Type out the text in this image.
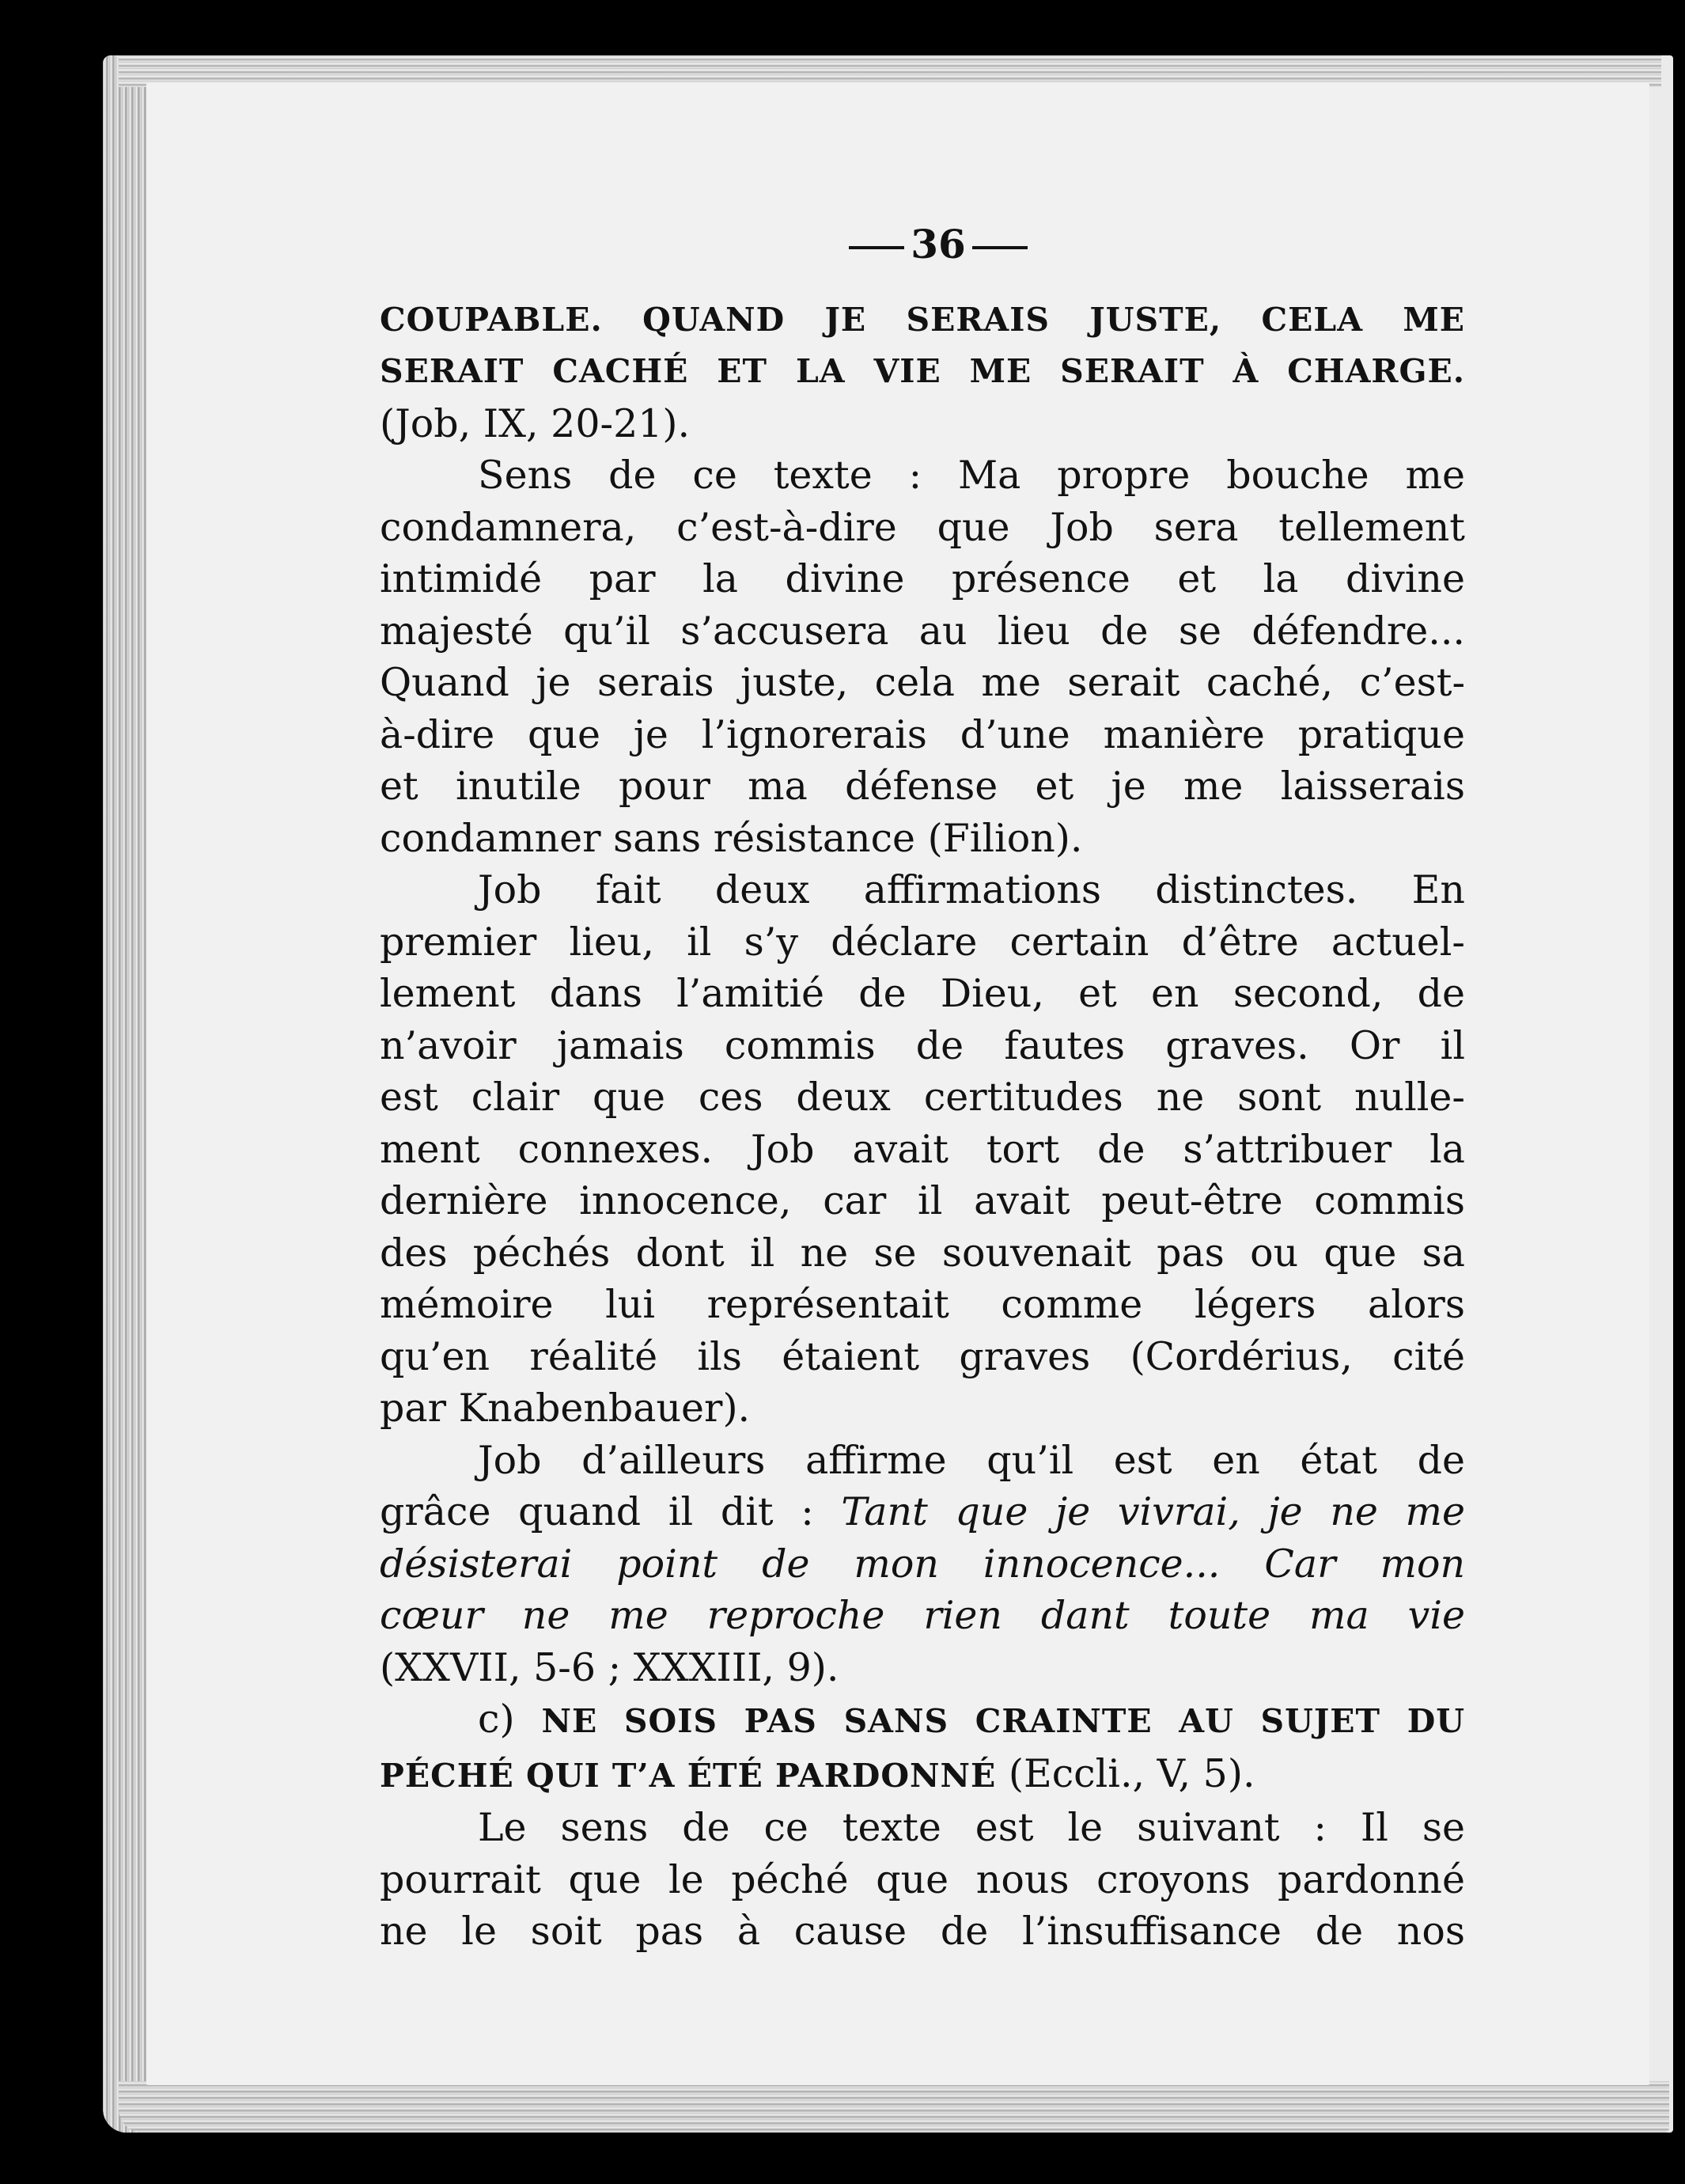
36
COUPABLE. QUAND JE SERAIS JUSTE, CELA ME
SERAIT CACHÉ ET LA VIE ME SERAIT À CHARGE.
(Job, IX, 20-21).
Sens de ce texte : Ma propre bouche me
condamnera, c’est-à-dire que Job sera tellement
intimidé par la divine présence et la divine
majesté qu’il s’accusera au lieu de se défendre...
Quand je serais juste, cela me serait caché, c’est-
à-dire que je l’ignorerais d’une manière pratique
et inutile pour ma défense et je me laisserais
condamner sans résistance (Filion).
Job fait deux affirmations distinctes. En
premier lieu, il s’y déclare certain d’être actuel-
lement dans l’amitié de Dieu, et en second, de
n’avoir jamais commis de fautes graves. Or il
est clair que ces deux certitudes ne sont nulle-
ment connexes. Job avait tort de s’attribuer la
dernière innocence, car il avait peut-être commis
des péchés dont il ne se souvenait pas ou que sa
mémoire lui représentait comme légers alors
qu’en réalité ils étaient graves (Cordérius, cité
par Knabenbauer).
Job d’ailleurs affirme qu’il est en état de
grâce quand il dit : Tant que je vivrai, je ne me
désisterai point de mon innocence... Car mon
cœur ne me reproche rien dant toute ma vie
(XXVII, 5-6 ; XXXIII, 9).
c) NE SOIS PAS SANS CRAINTE AU SUJET DU
PÉCHÉ QUI T’A ÉTÉ PARDONNÉ (Eccli., V, 5).
Le sens de ce texte est le suivant : Il se
pourrait que le péché que nous croyons pardonné
ne le soit pas à cause de l’insuffisance de nos
